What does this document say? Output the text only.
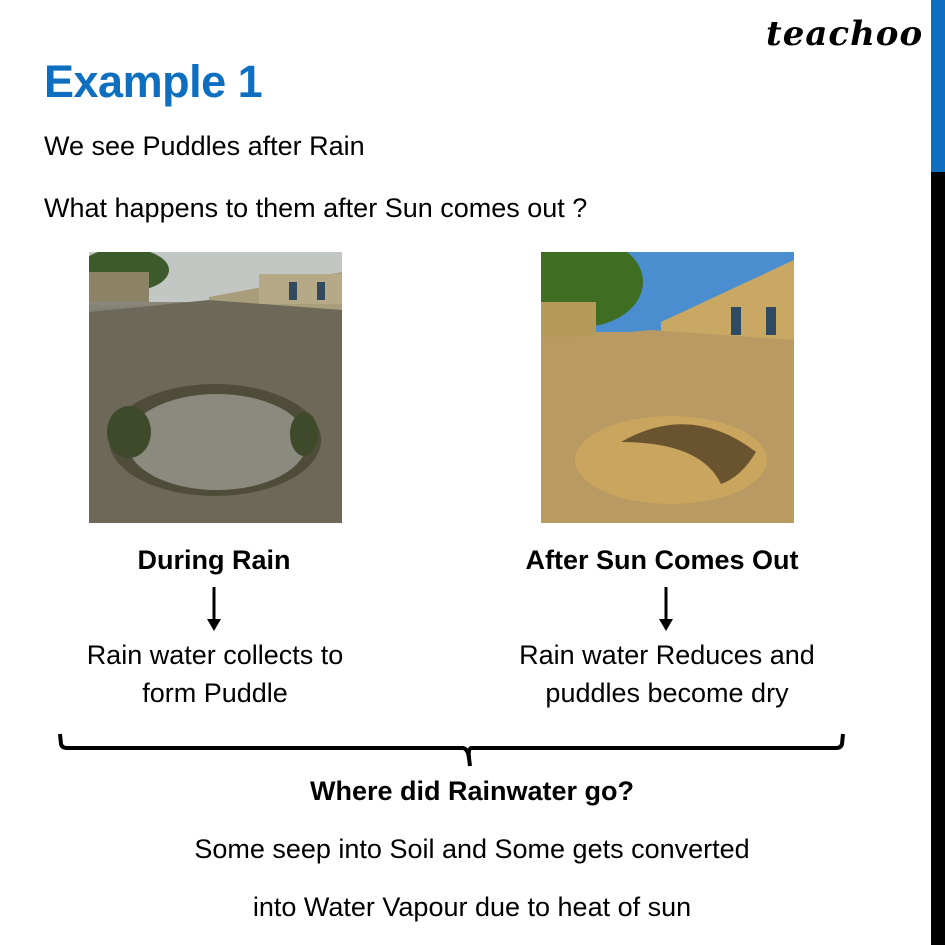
teachoo
Example 1
We see Puddles after Rain
What happens to them after Sun comes out ?
During Rain	After Sun Comes Out
Rain water collects to
form Puddle
Rain water Reduces and
puddles become dry
Where did Rainwater go?
Some seep into Soil and Some gets converted
into Water Vapour due to heat of sun
